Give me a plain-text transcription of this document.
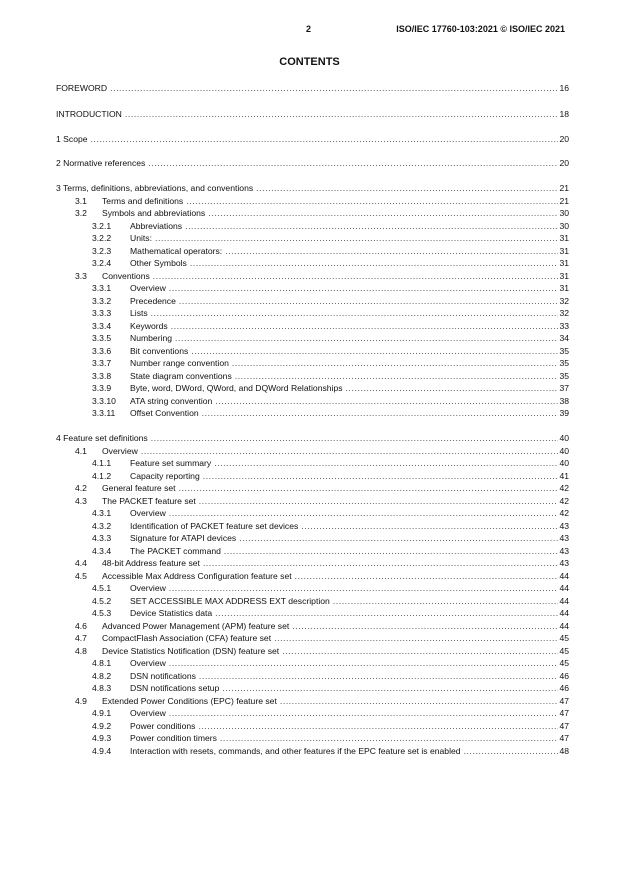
2	ISO/IEC 17760-103:2021 © ISO/IEC 2021
CONTENTS
FOREWORD .....	16
INTRODUCTION .....	18
1 Scope .....	20
2 Normative references .....	20
3 Terms, definitions, abbreviations, and conventions .....	21
3.1	Terms and definitions .....	21
3.2	Symbols and abbreviations .....	30
3.2.1	Abbreviations .....	30
3.2.2	Units: .....	31
3.2.3	Mathematical operators: .....	31
3.2.4	Other Symbols .....	31
3.3	Conventions .....	31
3.3.1	Overview .....	31
3.3.2	Precedence .....	32
3.3.3	Lists .....	32
3.3.4	Keywords .....	33
3.3.5	Numbering .....	34
3.3.6	Bit conventions .....	35
3.3.7	Number range convention .....	35
3.3.8	State diagram conventions .....	35
3.3.9	Byte, word, DWord, QWord, and DQWord Relationships .....	37
3.3.10	ATA string convention .....	38
3.3.11	Offset Convention .....	39
4 Feature set definitions .....	40
4.1	Overview .....	40
4.1.1	Feature set summary .....	40
4.1.2	Capacity reporting .....	41
4.2	General feature set .....	42
4.3	The PACKET feature set .....	42
4.3.1	Overview .....	42
4.3.2	Identification of PACKET feature set devices .....	43
4.3.3	Signature for ATAPI devices .....	43
4.3.4	The PACKET command .....	43
4.4	48-bit Address feature set .....	43
4.5	Accessible Max Address Configuration feature set .....	44
4.5.1	Overview .....	44
4.5.2	SET ACCESSIBLE MAX ADDRESS EXT description .....	44
4.5.3	Device Statistics data .....	44
4.6	Advanced Power Management (APM) feature set .....	44
4.7	CompactFlash Association (CFA) feature set .....	45
4.8	Device Statistics Notification (DSN) feature set .....	45
4.8.1	Overview .....	45
4.8.2	DSN notifications .....	46
4.8.3	DSN notifications setup .....	46
4.9	Extended Power Conditions (EPC) feature set .....	47
4.9.1	Overview .....	47
4.9.2	Power conditions .....	47
4.9.3	Power condition timers .....	47
4.9.4	Interaction with resets, commands, and other features if the EPC feature set is enabled .....	48
